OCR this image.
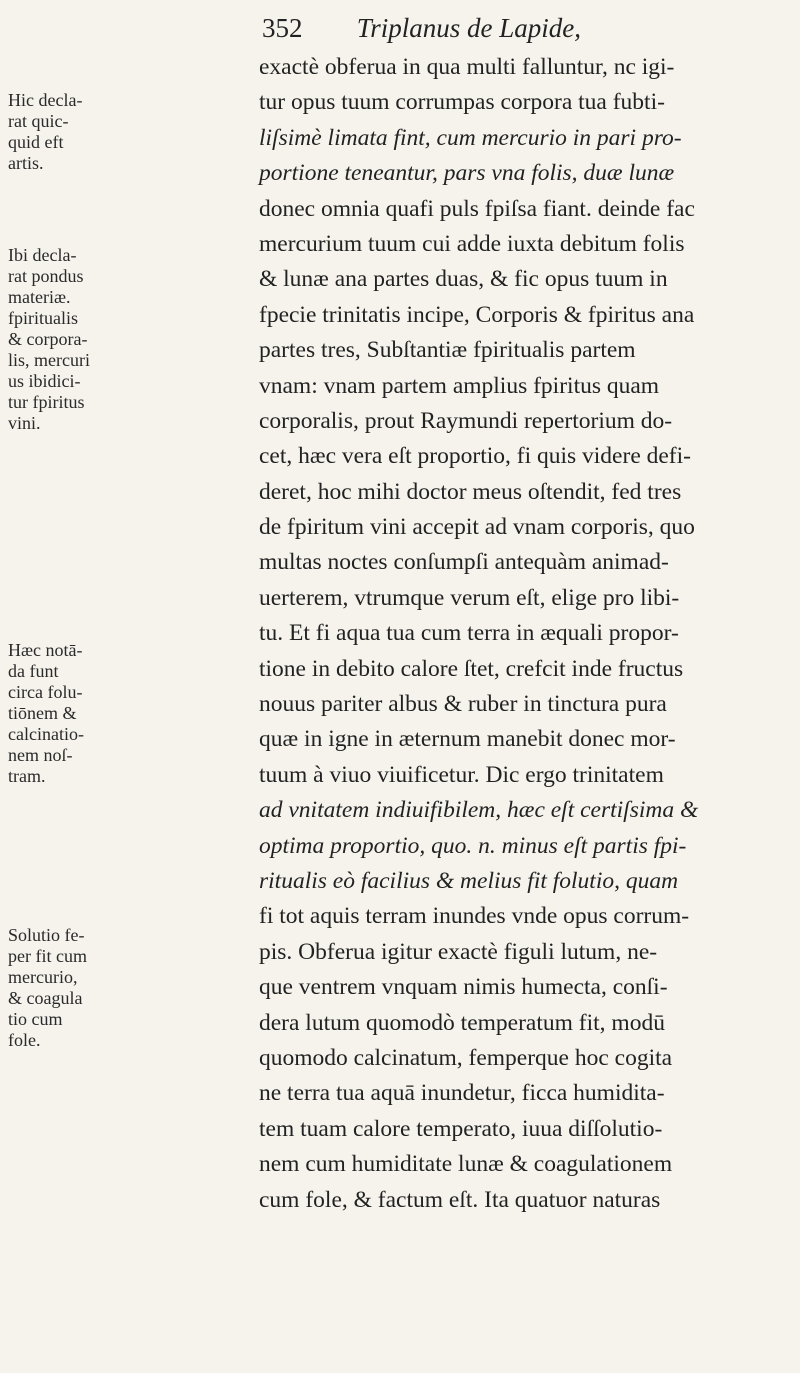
352 Triplanus de Lapide,
Hic decla-
rat quic-
quid eft
artis.
Ibi decla-
rat pondus
materiæ.
fpiritualis
& corpora-
lis, mercuri
us ibidici-
tur fpiritus
vini.
Hæc notā-
da funt
circa folu-
tiōnem &
calcinatio-
nem noſ-
tram.
Solutio fe-
per fit cum
mercurio,
& coagula
tio cum
fole.
exactè obferua in qua multi falluntur, nc igi-
tur opus tuum corrumpas corpora tua fubti-
liſsimè limata fint, cum mercurio in pari pro-
portione teneantur, pars vna folis, duæ lunæ
donec omnia quafi puls fpiſsa fiant. deinde fac
mercurium tuum cui adde iuxta debitum folis
& lunæ ana partes duas, & fic opus tuum in
fpecie trinitatis incipe, Corporis & fpiritus ana
partes tres, Subſtantiæ fpiritualis partem
vnam: vnam partem amplius fpiritus quam
corporalis, prout Raymundi repertorium do-
cet, hæc vera eſt proportio, fi quis videre defi-
deret, hoc mihi doctor meus oſtendit, fed tres
de fpiritum vini accepit ad vnam corporis, quo
multas noctes conſumpſi antequàm animad-
uerterem, vtrumque verum eſt, elige pro libi-
tu. Et fi aqua tua cum terra in æquali propor-
tione in debito calore ſtet, crefcit inde fructus
nouus pariter albus & ruber in tinctura pura
quæ in igne in æternum manebit donec mor-
tuum à viuo viuificetur. Dic ergo trinitatem
ad vnitatem indiuifibilem, hæc eſt certiſsima &
optima proportio, quo. n. minus eſt partis fpi-
ritualis eò facilius & melius fit folutio, quam
fi tot aquis terram inundes vnde opus corrum-
pis. Obferua igitur exactè figuli lutum, ne-
que ventrem vnquam nimis humecta, conſi-
dera lutum quomodò temperatum fit, modū
quomodo calcinatum, femperque hoc cogita
ne terra tua aquā inundetur, ficca humidita-
tem tuam calore temperato, iuua diſſolutio-
nem cum humiditate lunæ & coagulationem
cum fole, & factum eſt. Ita quatuor naturas
